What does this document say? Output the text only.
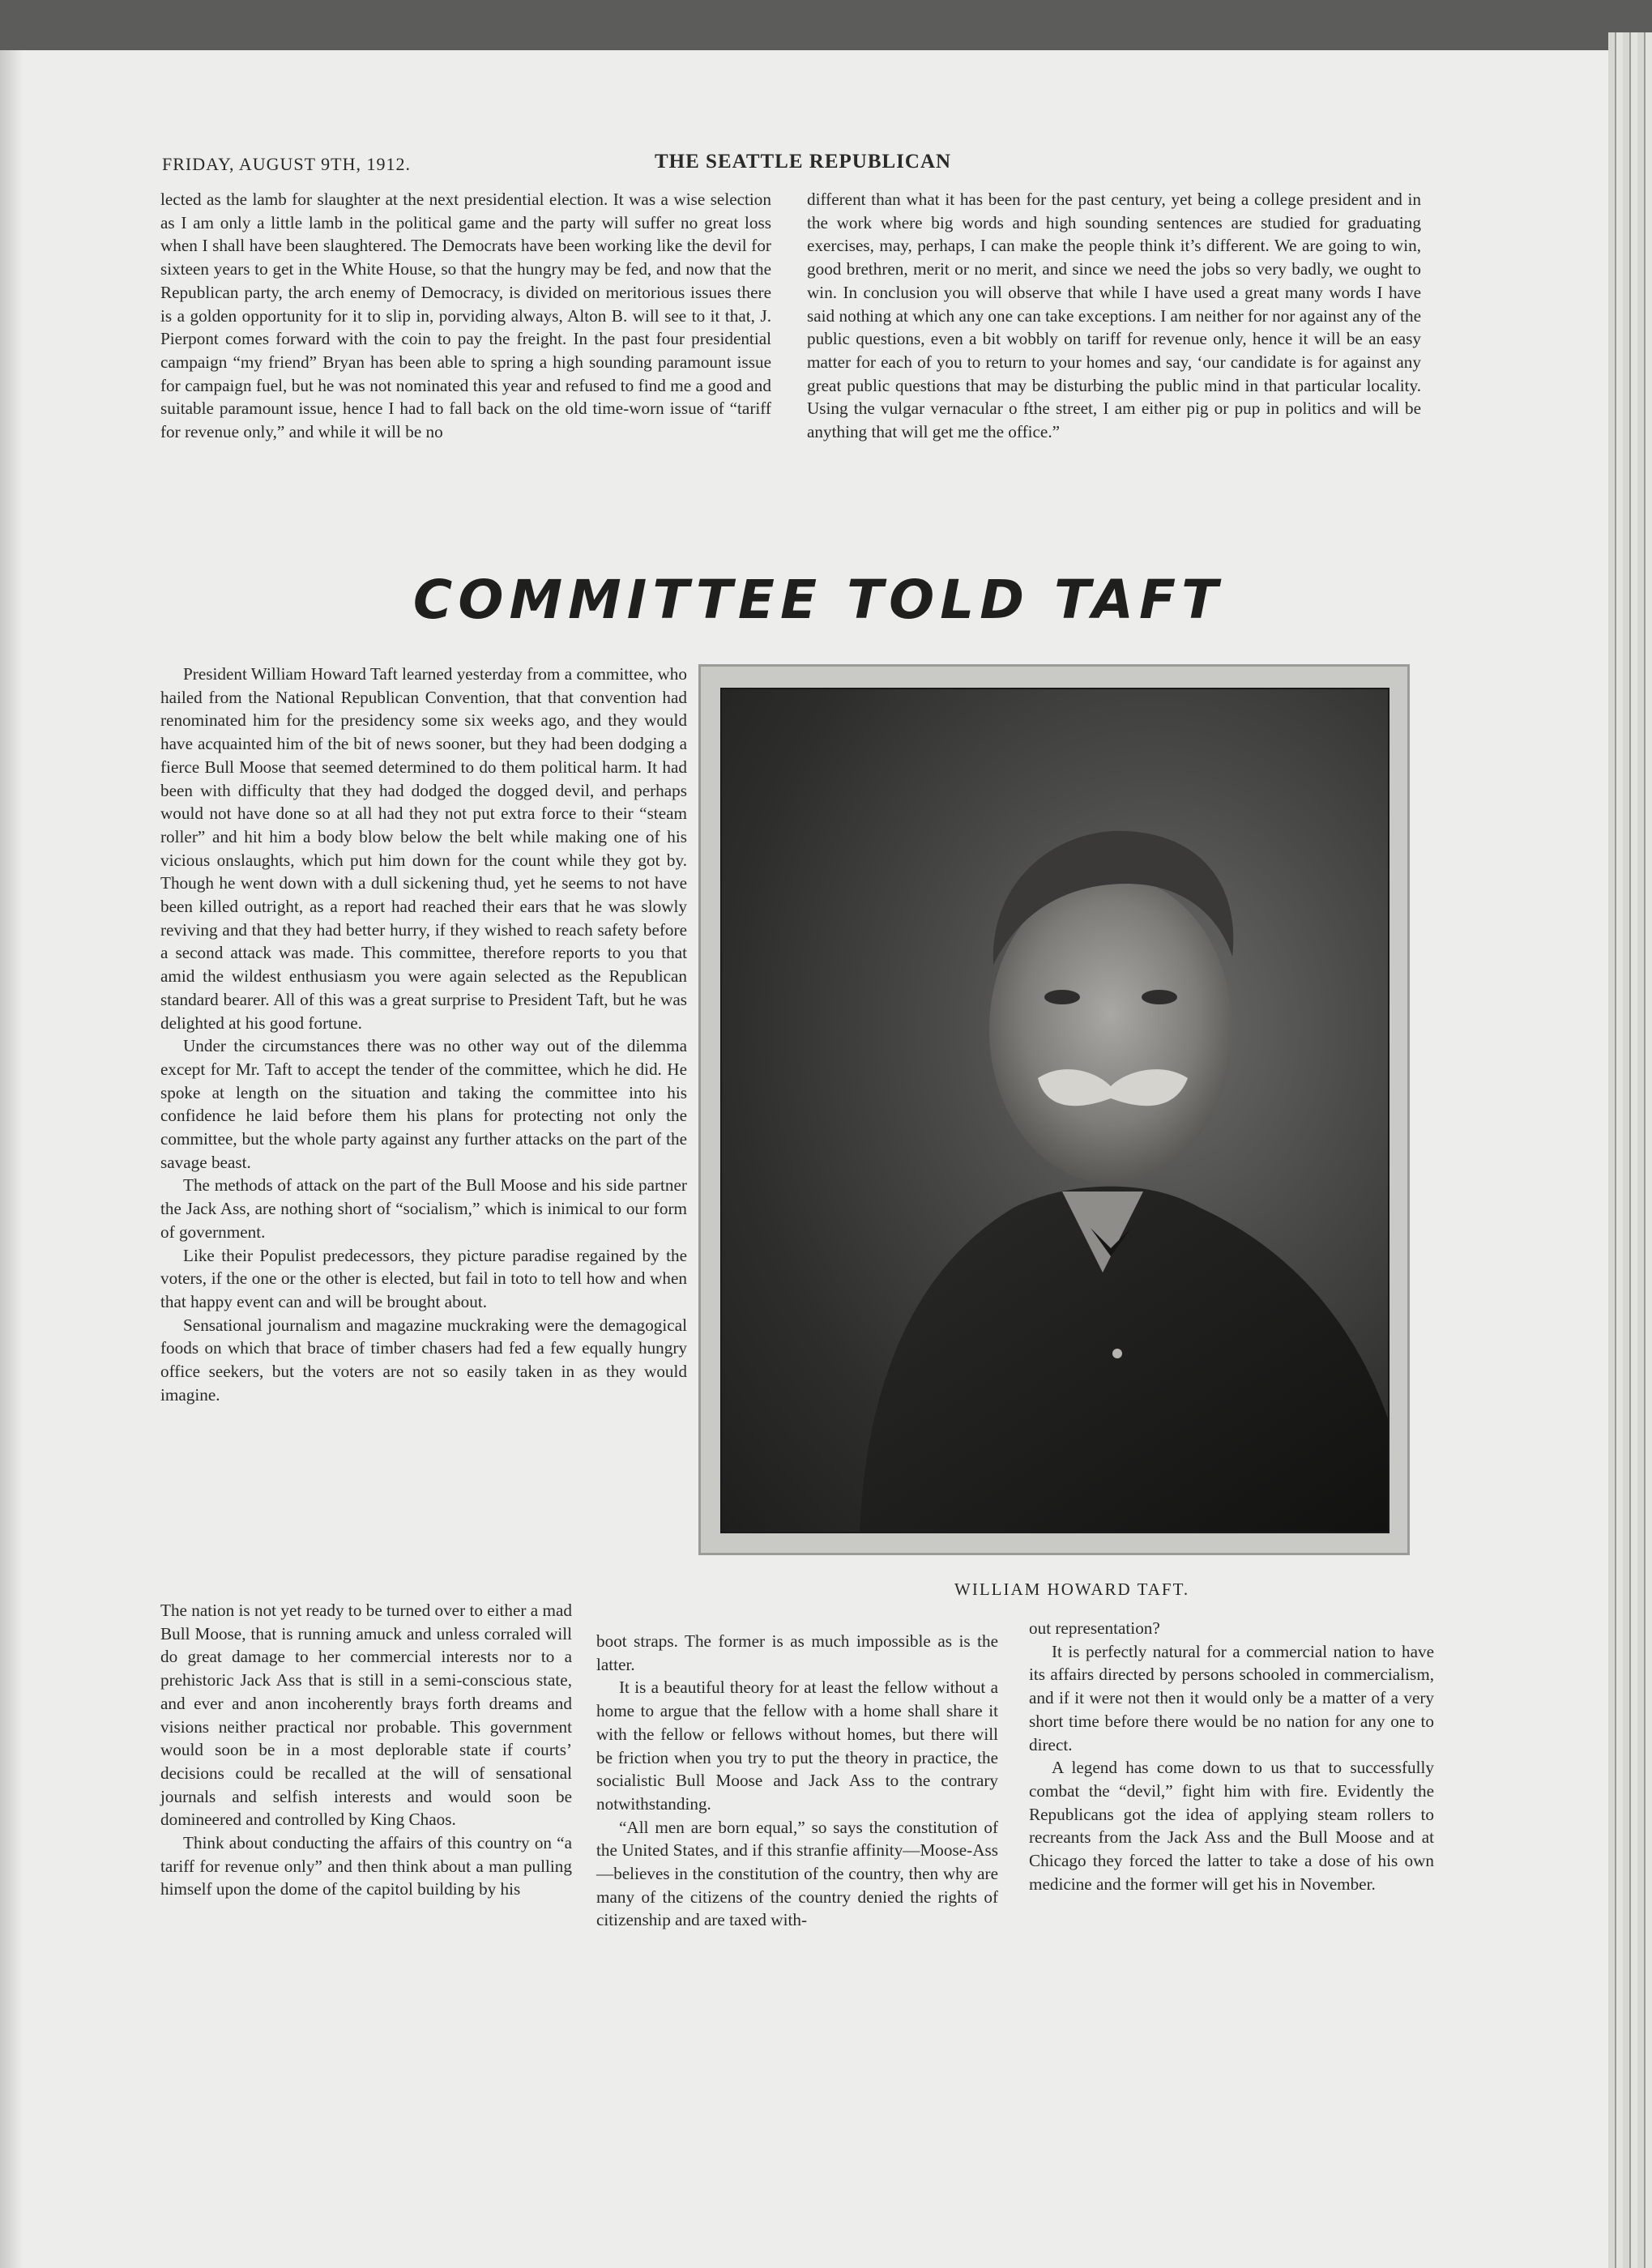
FRIDAY, AUGUST 9TH, 1912.	THE SEATTLE REPUBLICAN

lected as the lamb for slaughter at the next presidential election. It was a wise selection as I am only a little lamb in the political game and the party will suffer no great loss when I shall have been slaughtered. The Democrats have been working like the devil for sixteen years to get in the White House, so that the hungry may be fed, and now that the Republican party, the arch enemy of Democracy, is divided on meritorious issues there is a golden opportunity for it to slip in, porviding always, Alton B. will see to it that, J. Pierpont comes forward with the coin to pay the freight. In the past four presidential campaign “my friend” Bryan has been able to spring a high sounding paramount issue for campaign fuel, but he was not nominated this year and refused to find me a good and suitable paramount issue, hence I had to fall back on the old time-worn issue of “tariff for revenue only,” and while it will be no

different than what it has been for the past century, yet being a college president and in the work where big words and high sounding sentences are studied for graduating exercises, may, perhaps, I can make the people think it’s different. We are going to win, good brethren, merit or no merit, and since we need the jobs so very badly, we ought to win. In conclusion you will observe that while I have used a great many words I have said nothing at which any one can take exceptions. I am neither for nor against any of the public questions, even a bit wobbly on tariff for revenue only, hence it will be an easy matter for each of you to return to your homes and say, ‘our candidate is for against any great public questions that may be disturbing the public mind in that particular locality. Using the vulgar vernacular o fthe street, I am either pig or pup in politics and will be anything that will get me the office.”

COMMITTEE TOLD TAFT

President William Howard Taft learned yesterday from a committee, who hailed from the National Republican Convention, that that convention had renominated him for the presidency some six weeks ago, and they would have acquainted him of the bit of news sooner, but they had been dodging a fierce Bull Moose that seemed determined to do them political harm. It had been with difficulty that they had dodged the dogged devil, and perhaps would not have done so at all had they not put extra force to their “steam roller” and hit him a body blow below the belt while making one of his vicious onslaughts, which put him down for the count while they got by. Though he went down with a dull sickening thud, yet he seems to not have been killed outright, as a report had reached their ears that he was slowly reviving and that they had better hurry, if they wished to reach safety before a second attack was made. This committee, therefore reports to you that amid the wildest enthusiasm you were again selected as the Republican standard bearer. All of this was a great surprise to President Taft, but he was delighted at his good fortune.

Under the circumstances there was no other way out of the dilemma except for Mr. Taft to accept the tender of the committee, which he did. He spoke at length on the situation and taking the committee into his confidence he laid before them his plans for protecting not only the committee, but the whole party against any further attacks on the part of the savage beast.

The methods of attack on the part of the Bull Moose and his side partner the Jack Ass, are nothing short of “socialism,” which is inimical to our form of government.

Like their Populist predecessors, they picture paradise regained by the voters, if the one or the other is elected, but fail in toto to tell how and when that happy event can and will be brought about.

Sensational journalism and magazine muckraking were the demagogical foods on which that brace of timber chasers had fed a few equally hungry office seekers, but the voters are not so easily taken in as they would imagine.

WILLIAM HOWARD TAFT.

The nation is not yet ready to be turned over to either a mad Bull Moose, that is running amuck and unless corraled will do great damage to her commercial interests nor to a prehistoric Jack Ass that is still in a semi-conscious state, and ever and anon incoherently brays forth dreams and visions neither practical nor probable. This government would soon be in a most deplorable state if courts’ decisions could be recalled at the will of sensational journals and selfish interests and would soon be domineered and controlled by King Chaos.

Think about conducting the affairs of this country on “a tariff for revenue only” and then think about a man pulling himself upon the dome of the capitol building by his

boot straps. The former is as much impossible as is the latter.

It is a beautiful theory for at least the fellow without a home to argue that the fellow with a home shall share it with the fellow or fellows without homes, but there will be friction when you try to put the theory in practice, the socialistic Bull Moose and Jack Ass to the contrary notwithstanding.

“All men are born equal,” so says the constitution of the United States, and if this stranfie affinity—Moose-Ass—believes in the constitution of the country, then why are many of the citizens of the country denied the rights of citizenship and are taxed with-

out representation?

It is perfectly natural for a commercial nation to have its affairs directed by persons schooled in commercialism, and if it were not then it would only be a matter of a very short time before there would be no nation for any one to direct.

A legend has come down to us that to successfully combat the “devil,” fight him with fire. Evidently the Republicans got the idea of applying steam rollers to recreants from the Jack Ass and the Bull Moose and at Chicago they forced the latter to take a dose of his own medicine and the former will get his in November.
